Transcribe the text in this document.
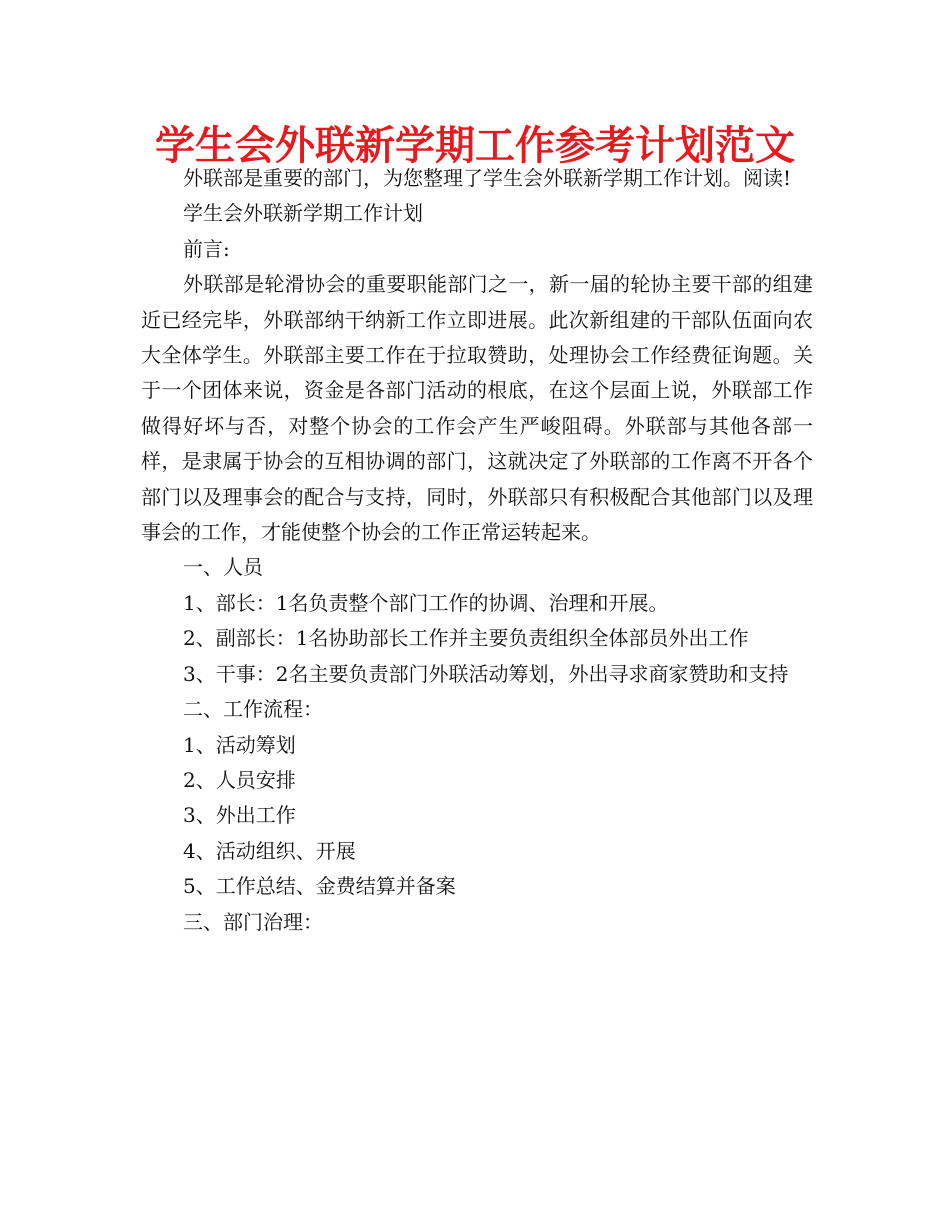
学生会外联新学期工作参考计划范文

外联部是重要的部门，为您整理了学生会外联新学期工作计划。阅读!

学生会外联新学期工作计划

前言:

外联部是轮滑协会的重要职能部门之一，新一届的轮协主要干部的组建近已经完毕，外联部纳干纳新工作立即进展。此次新组建的干部队伍面向农大全体学生。外联部主要工作在于拉取赞助，处理协会工作经费征询题。关于一个团体来说，资金是各部门活动的根底，在这个层面上说，外联部工作做得好坏与否，对整个协会的工作会产生严峻阻碍。外联部与其他各部一样，是隶属于协会的互相协调的部门，这就决定了外联部的工作离不开各个部门以及理事会的配合与支持，同时，外联部只有积极配合其他部门以及理事会的工作，才能使整个协会的工作正常运转起来。

一、人员

1、部长：1名负责整个部门工作的协调、治理和开展。

2、副部长：1名协助部长工作并主要负责组织全体部员外出工作

3、干事：2名主要负责部门外联活动筹划，外出寻求商家赞助和支持

二、工作流程：

1、活动筹划

2、人员安排

3、外出工作

4、活动组织、开展

5、工作总结、金费结算并备案

三、部门治理：
